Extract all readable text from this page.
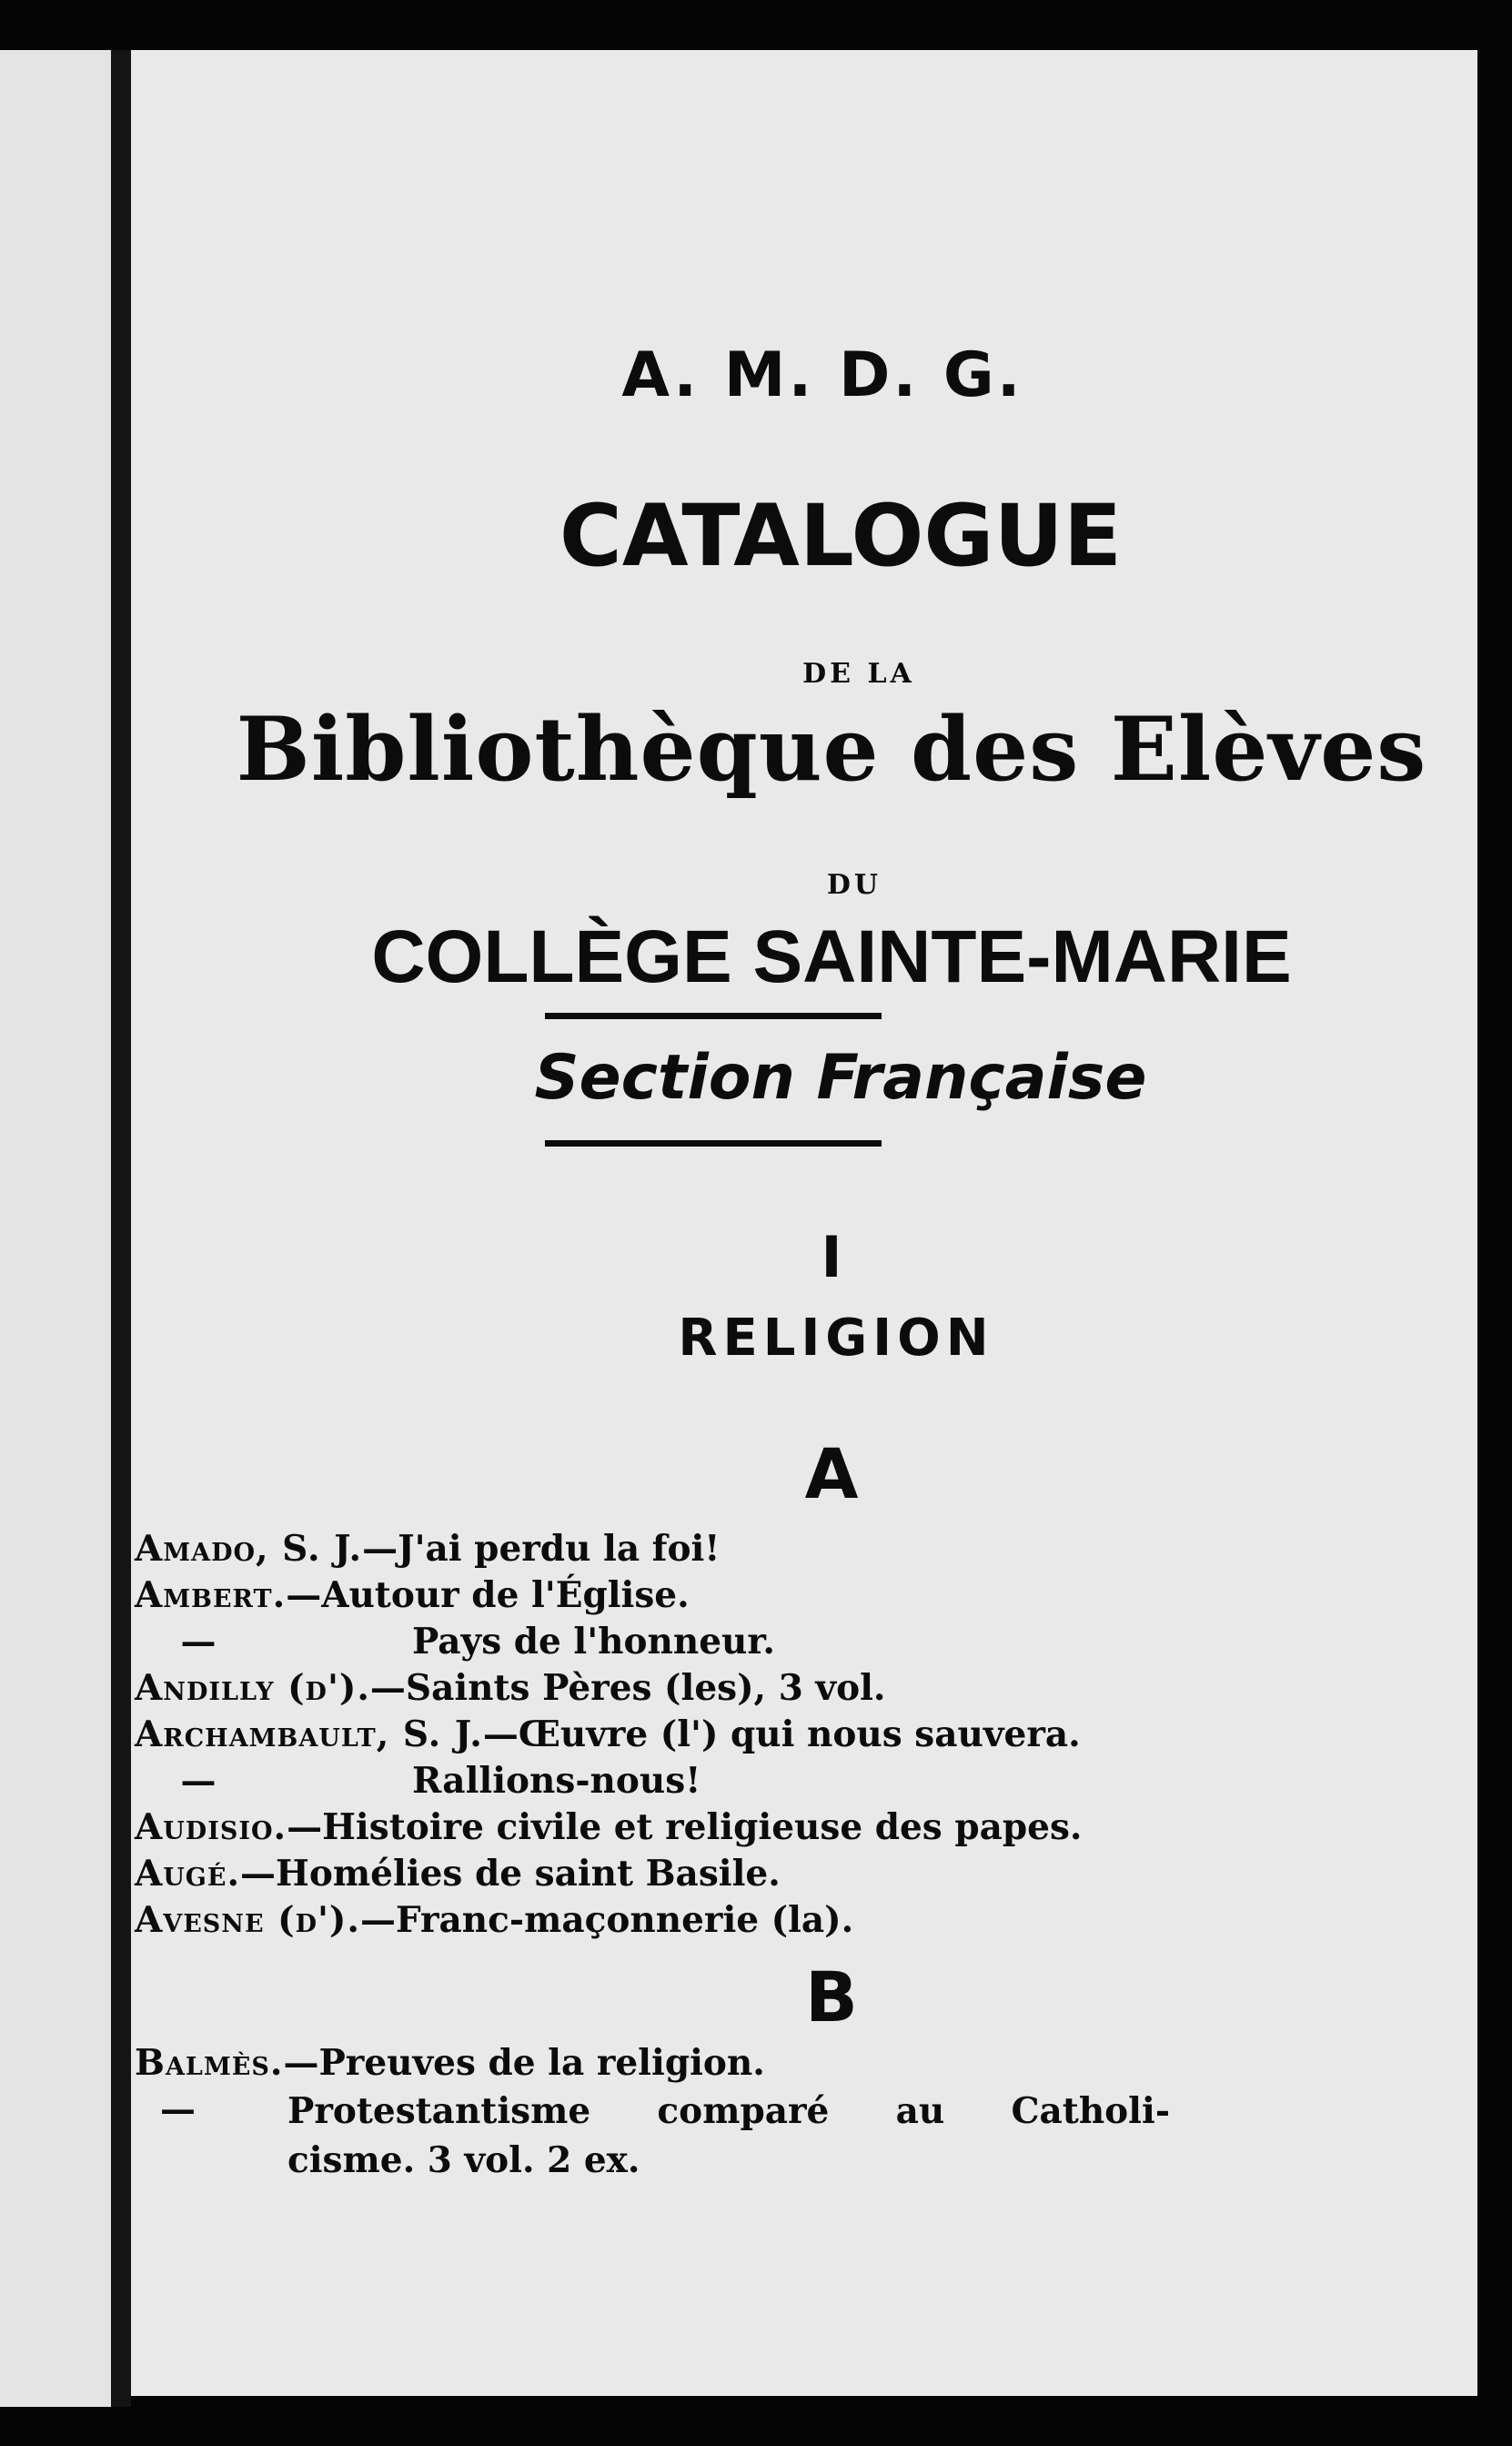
A. M. D. G.
CATALOGUE
DE LA
Bibliothèque des Elèves
DU
COLLÈGE SAINTE-MARIE
Section Française
I
RELIGION
A
Amado, S. J.—J'ai perdu la foi!
Ambert.—Autour de l'Église.
—	Pays de l'honneur.
Andilly (d').—Saints Pères (les), 3 vol.
Archambault, S. J.—Œuvre (l') qui nous sauvera.
—	Rallions-nous!
Audisio.—Histoire civile et religieuse des papes.
Augé.—Homélies de saint Basile.
Avesne (d').—Franc-maçonnerie (la).
B
Balmès.—Preuves de la religion.
—	Protestantisme comparé au Catholi-
cisme. 3 vol. 2 ex.
